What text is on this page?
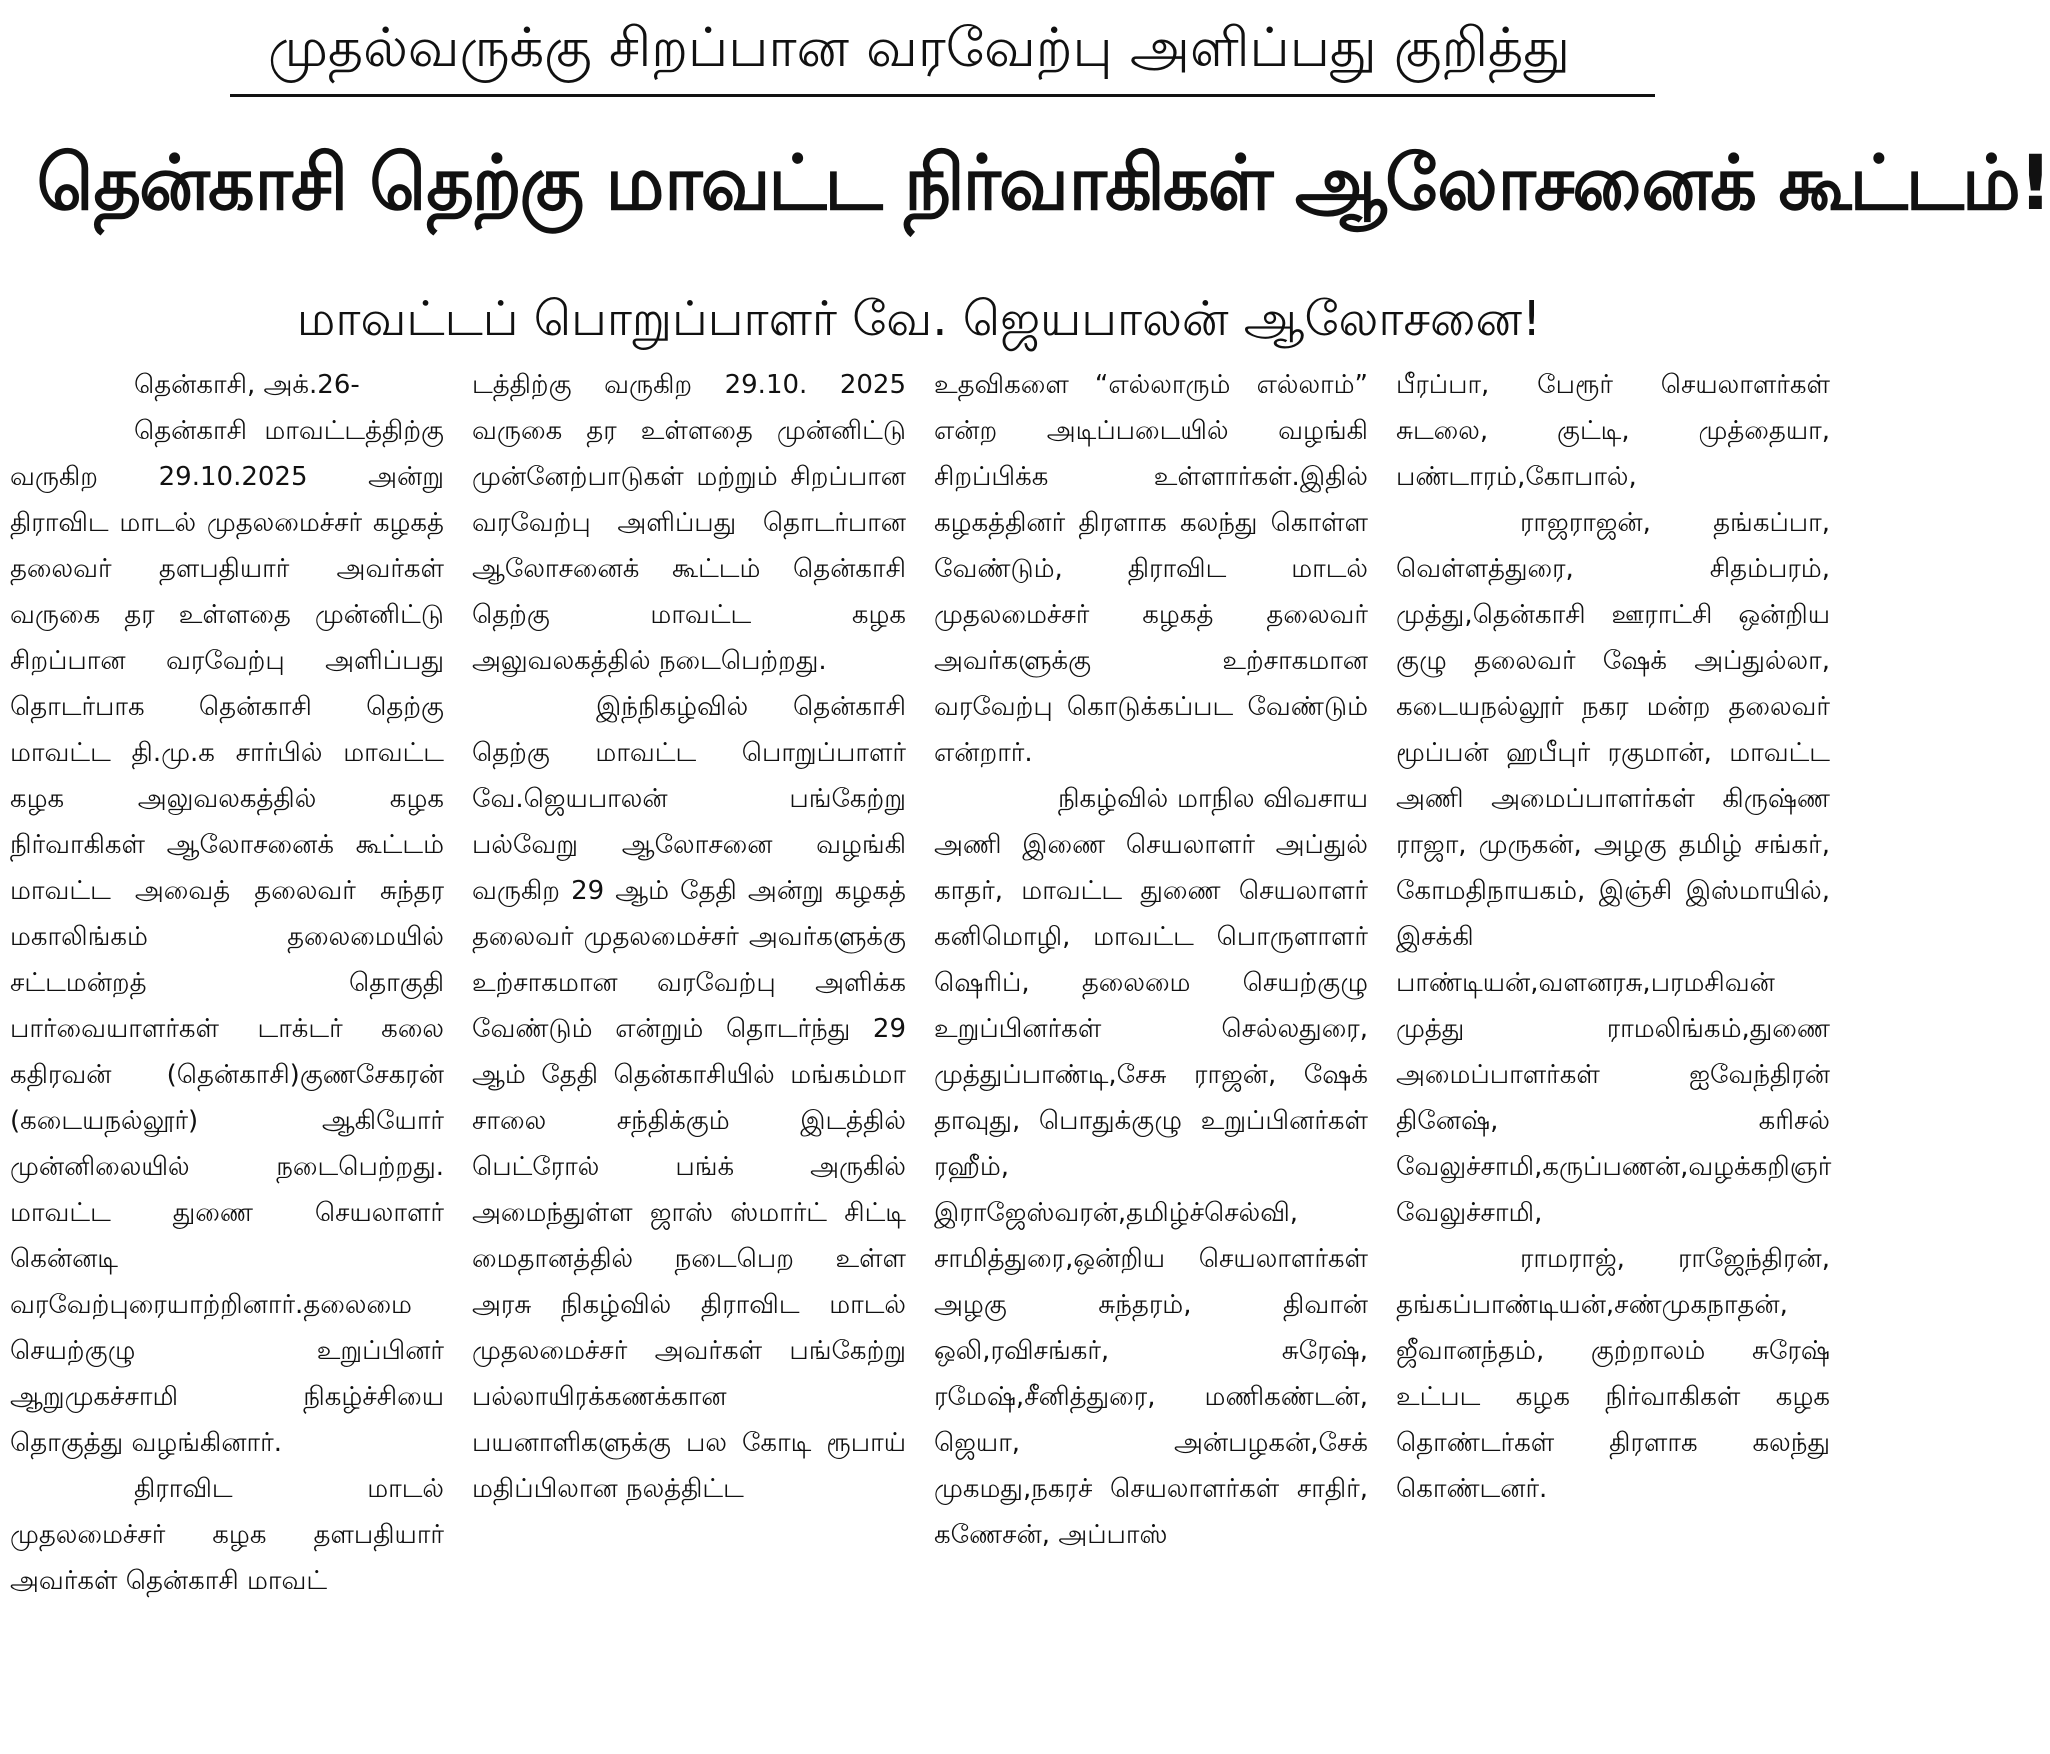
முதல்வருக்கு சிறப்பான வரவேற்பு அளிப்பது குறித்து
தென்காசி தெற்கு மாவட்ட நிர்வாகிகள் ஆலோசனைக் கூட்டம்!
மாவட்டப் பொறுப்பாளர் வே. ஜெயபாலன் ஆலோசனை!

தென்காசி, அக்.26-

தென்காசி மாவட்டத்திற்கு வருகிற 29.10.2025 அன்று திராவிட மாடல் முதலமைச்சர் கழகத் தலைவர் தளபதியார் அவர்கள் வருகை தர உள்ளதை முன்னிட்டு சிறப்பான வரவேற்பு அளிப்பது தொடர்பாக தென்காசி தெற்கு மாவட்ட தி.மு.க சார்பில் மாவட்ட கழக அலுவலகத்தில் கழக நிர்வாகிகள் ஆலோசனைக் கூட்டம் மாவட்ட அவைத் தலைவர் சுந்தர மகாலிங்கம் தலைமையில் சட்டமன்றத் தொகுதி பார்வையாளர்கள் டாக்டர் கலை கதிரவன் (தென்காசி)குணசேகரன் (கடையநல்லூர்) ஆகியோர் முன்னிலையில் நடைபெற்றது. மாவட்ட துணை செயலாளர் கென்னடி வரவேற்புரையாற்றினார்.தலைமை செயற்குழு உறுப்பினர் ஆறுமுகச்சாமி நிகழ்ச்சியை தொகுத்து வழங்கினார்.

திராவிட மாடல் முதலமைச்சர் கழக தளபதியார் அவர்கள் தென்காசி மாவட்

டத்திற்கு வருகிற 29.10. 2025 வருகை தர உள்ளதை முன்னிட்டு முன்னேற்பாடுகள் மற்றும் சிறப்பான வரவேற்பு அளிப்பது தொடர்பான ஆலோசனைக் கூட்டம் தென்காசி தெற்கு மாவட்ட கழக அலுவலகத்தில் நடைபெற்றது.

இந்நிகழ்வில் தென்காசி தெற்கு மாவட்ட பொறுப்பாளர் வே.ஜெயபாலன் பங்கேற்று பல்வேறு ஆலோசனை வழங்கி வருகிற 29 ஆம் தேதி அன்று கழகத் தலைவர் முதலமைச்சர் அவர்களுக்கு உற்சாகமான வரவேற்பு அளிக்க வேண்டும் என்றும் தொடர்ந்து 29 ஆம் தேதி தென்காசியில் மங்கம்மா சாலை சந்திக்கும் இடத்தில் பெட்ரோல் பங்க் அருகில் அமைந்துள்ள ஜாஸ் ஸ்மார்ட் சிட்டி மைதானத்தில் நடைபெற உள்ள அரசு நிகழ்வில் திராவிட மாடல் முதலமைச்சர் அவர்கள் பங்கேற்று பல்லாயிரக்கணக்கான பயனாளிகளுக்கு பல கோடி ரூபாய் மதிப்பிலான நலத்திட்ட

உதவிகளை “எல்லாரும் எல்லாம்” என்ற அடிப்படையில் வழங்கி சிறப்பிக்க உள்ளார்கள்.இதில் கழகத்தினர் திரளாக கலந்து கொள்ள வேண்டும், திராவிட மாடல் முதலமைச்சர் கழகத் தலைவர் அவர்களுக்கு உற்சாகமான வரவேற்பு கொடுக்கப்பட வேண்டும் என்றார்.

நிகழ்வில் மாநில விவசாய அணி இணை செயலாளர் அப்துல் காதர், மாவட்ட துணை செயலாளர் கனிமொழி, மாவட்ட பொருளாளர் ஷெரிப், தலைமை செயற்குழு உறுப்பினர்கள் செல்லதுரை, முத்துப்பாண்டி,சேசு ராஜன், ஷேக் தாவுது, பொதுக்குழு உறுப்பினர்கள் ரஹீம், இராஜேஸ்வரன்,தமிழ்ச்செல்வி, சாமித்துரை,ஒன்றிய செயலாளர்கள் அழகு சுந்தரம், திவான் ஒலி,ரவிசங்கர், சுரேஷ், ரமேஷ்,சீனித்துரை, மணிகண்டன், ஜெயா, அன்பழகன்,சேக் முகமது,நகரச் செயலாளர்கள் சாதிர், கணேசன், அப்பாஸ்

பீரப்பா, பேரூர் செயலாளர்கள் சுடலை, குட்டி, முத்தையா, பண்டாரம்,கோபால்,

ராஜராஜன், தங்கப்பா, வெள்ளத்துரை, சிதம்பரம், முத்து,தென்காசி ஊராட்சி ஒன்றிய குழு தலைவர் ஷேக் அப்துல்லா, கடையநல்லூர் நகர மன்ற தலைவர் மூப்பன் ஹபீபுர் ரகுமான், மாவட்ட அணி அமைப்பாளர்கள் கிருஷ்ண ராஜா, முருகன், அழகு தமிழ் சங்கர், கோமதிநாயகம், இஞ்சி இஸ்மாயில், இசக்கி பாண்டியன்,வளனரசு,பரமசிவன் முத்து ராமலிங்கம்,துணை அமைப்பாளர்கள் ஐவேந்திரன் தினேஷ், கரிசல் வேலுச்சாமி,கருப்பணன்,வழக்கறிஞர் வேலுச்சாமி,

ராமராஜ், ராஜேந்திரன், தங்கப்பாண்டியன்,சண்முகநாதன், ஜீவானந்தம், குற்றாலம் சுரேஷ் உட்பட கழக நிர்வாகிகள் கழக தொண்டர்கள் திரளாக கலந்து கொண்டனர்.
